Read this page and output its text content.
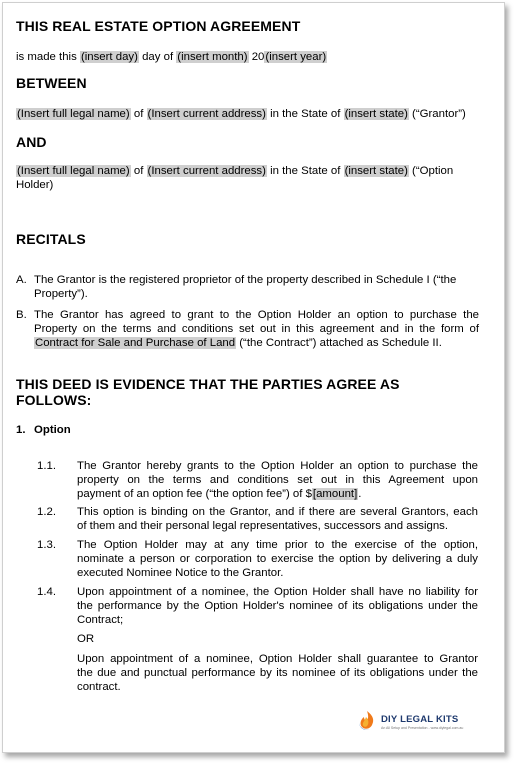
THIS REAL ESTATE OPTION AGREEMENT
is made this (insert day) day of (insert month) 20(insert year)
BETWEEN
(Insert full legal name) of (Insert current address) in the State of (insert state) (“Grantor”)
AND
(Insert full legal name) of (Insert current address) in the State of (insert state) (“Option
Holder)
RECITALS
A. The Grantor is the registered proprietor of the property described in Schedule I (“the
Property”).
B. The Grantor has agreed to grant to the Option Holder an option to purchase the
Property on the terms and conditions set out in this agreement and in the form of
Contract for Sale and Purchase of Land (“the Contract”) attached as Schedule II.
THIS DEED IS EVIDENCE THAT THE PARTIES AGREE AS
FOLLOWS:
1. Option
1.1. The Grantor hereby grants to the Option Holder an option to purchase the
property on the terms and conditions set out in this Agreement upon
payment of an option fee (“the option fee”) of $[amount].
1.2. This option is binding on the Grantor, and if there are several Grantors, each
of them and their personal legal representatives, successors and assigns.
1.3. The Option Holder may at any time prior to the exercise of the option,
nominate a person or corporation to exercise the option by delivering a duly
executed Nominee Notice to the Grantor.
1.4. Upon appointment of a nominee, the Option Holder shall have no liability for
the performance by the Option Holder's nominee of its obligations under the
Contract;
OR
Upon appointment of a nominee, Option Holder shall guarantee to Grantor
the due and punctual performance by its nominee of its obligations under the
contract.
DIY LEGAL KITS
An All Setup and Presentation - www.diylegal.com.au
